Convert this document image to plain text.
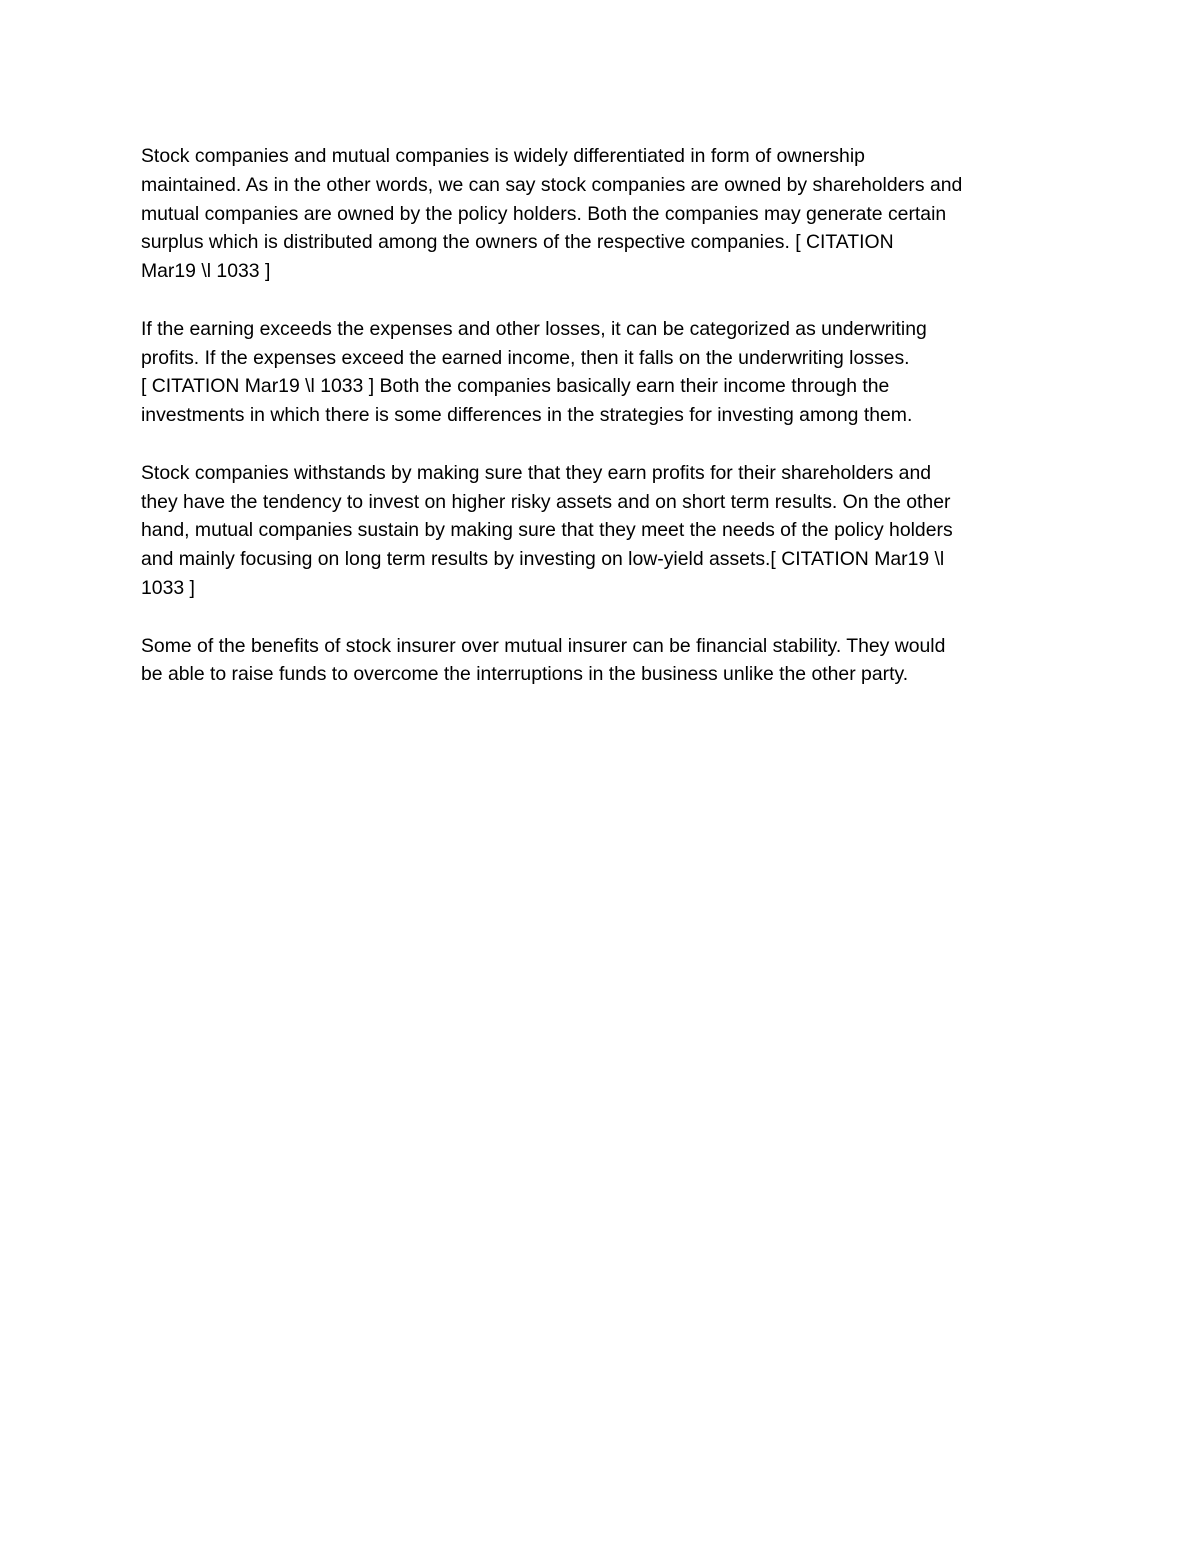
Stock companies and mutual companies is widely differentiated in form of ownership
maintained. As in the other words, we can say stock companies are owned by shareholders and
mutual companies are owned by the policy holders. Both the companies may generate certain
surplus which is distributed among the owners of the respective companies. [ CITATION
Mar19 \l 1033 ]

If the earning exceeds the expenses and other losses, it can be categorized as underwriting
profits. If the expenses exceed the earned income, then it falls on the underwriting losses.
[ CITATION Mar19 \l 1033 ] Both the companies basically earn their income through the
investments in which there is some differences in the strategies for investing among them.

Stock companies withstands by making sure that they earn profits for their shareholders and
they have the tendency to invest on higher risky assets and on short term results. On the other
hand, mutual companies sustain by making sure that they meet the needs of the policy holders
and mainly focusing on long term results by investing on low-yield assets.[ CITATION Mar19 \l
1033 ]

Some of the benefits of stock insurer over mutual insurer can be financial stability. They would
be able to raise funds to overcome the interruptions in the business unlike the other party.
